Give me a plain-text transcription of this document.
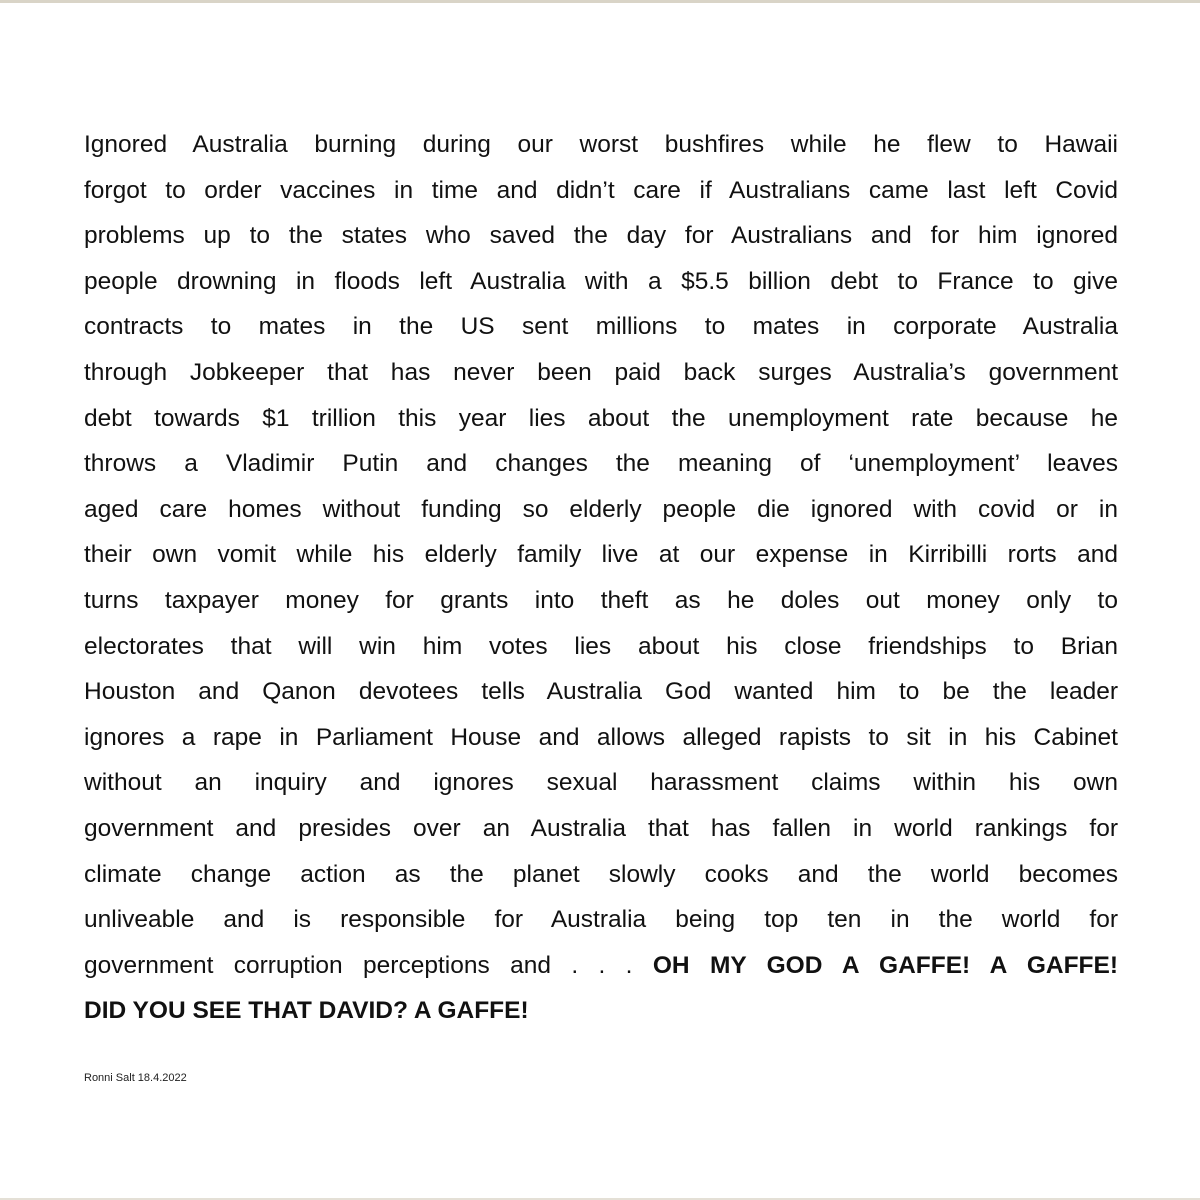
Ignored Australia burning during our worst bushfires while he flew to Hawaii
forgot to order vaccines in time and didn’t care if Australians came last left Covid
problems up to the states who saved the day for Australians and for him ignored
people drowning in floods left Australia with a $5.5 billion debt to France to give
contracts to mates in the US sent millions to mates in corporate Australia
through Jobkeeper that has never been paid back surges Australia’s government
debt towards $1 trillion this year lies about the unemployment rate because he
throws a Vladimir Putin and changes the meaning of ‘unemployment’ leaves
aged care homes without funding so elderly people die ignored with covid or in
their own vomit while his elderly family live at our expense in Kirribilli rorts and
turns taxpayer money for grants into theft as he doles out money only to
electorates that will win him votes lies about his close friendships to Brian
Houston and Qanon devotees tells Australia God wanted him to be the leader
ignores a rape in Parliament House and allows alleged rapists to sit in his Cabinet
without an inquiry and ignores sexual harassment claims within his own
government and presides over an Australia that has fallen in world rankings for
climate change action as the planet slowly cooks and the world becomes
unliveable and is responsible for Australia being top ten in the world for
government corruption perceptions and . . . OH MY GOD A GAFFE! A GAFFE!
DID YOU SEE THAT DAVID? A GAFFE!
Ronni Salt 18.4.2022
